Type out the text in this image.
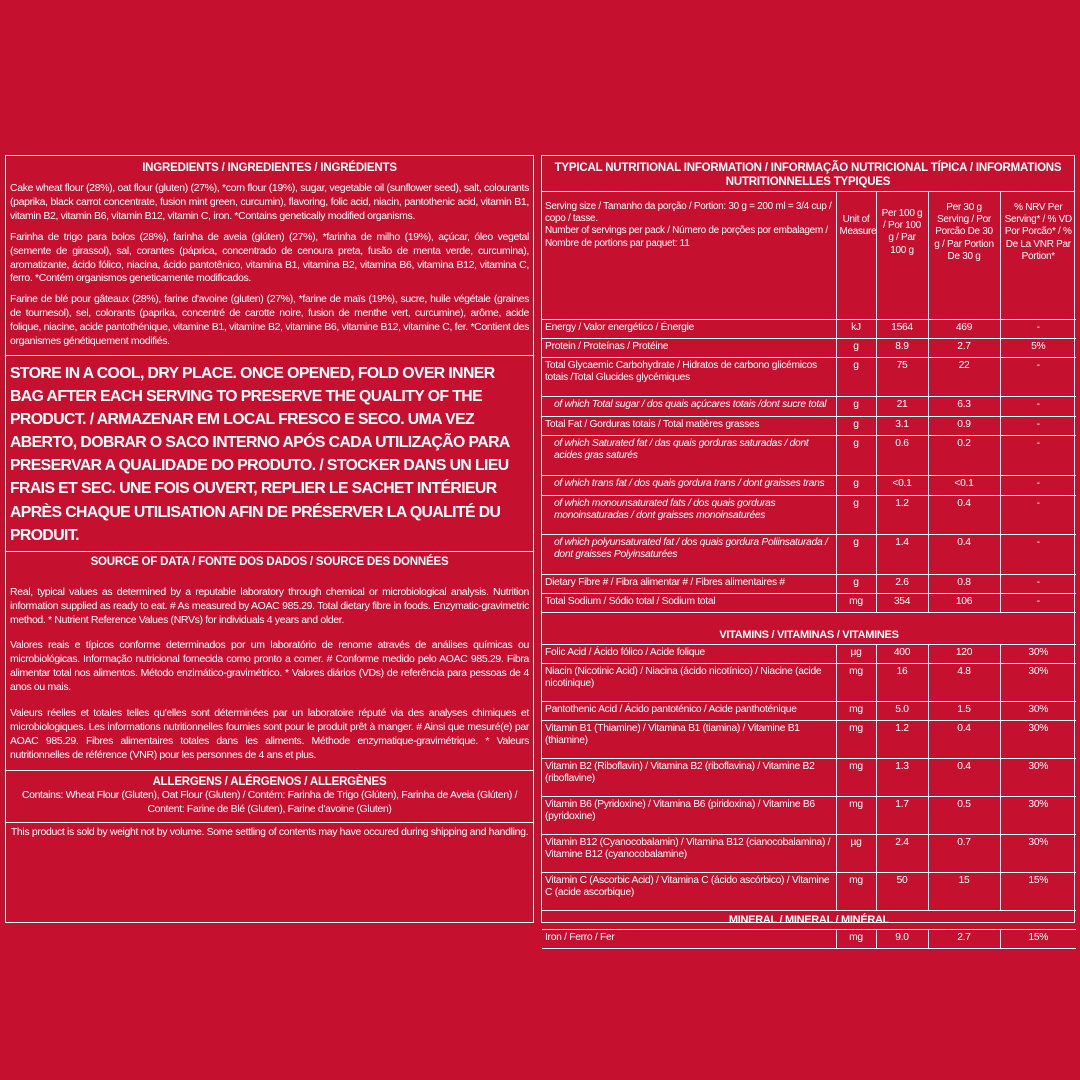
INGREDIENTS / INGREDIENTES / INGRÉDIENTS
Cake wheat flour (28%), oat flour (gluten) (27%), *corn flour (19%), sugar, vegetable oil (sunflower seed), salt, colourants (paprika, black carrot concentrate, fusion mint green, curcumin), flavoring, folic acid, niacin, pantothenic acid, vitamin B1, vitamin B2, vitamin B6, vitamin B12, vitamin C, iron. *Contains genetically modified organisms.
Farinha de trigo para bolos (28%), farinha de aveia (glúten) (27%), *farinha de milho (19%), açúcar, óleo vegetal (semente de girassol), sal, corantes (páprica, concentrado de cenoura preta, fusão de menta verde, curcumina), aromatizante, ácido fólico, niacina, ácido pantotênico, vitamina B1, vitamina B2, vitamina B6, vitamina B12, vitamina C, ferro. *Contém organismos geneticamente modificados.
Farine de blé pour gâteaux (28%), farine d'avoine (gluten) (27%), *farine de maïs (19%), sucre, huile végétale (graines de tournesol), sel, colorants (paprika, concentré de carotte noire, fusion de menthe vert, curcumine), arôme, acide folique, niacine, acide pantothénique, vitamine B1, vitamine B2, vitamine B6, vitamine B12, vitamine C, fer. *Contient des organismes génétiquement modifiés.
STORE IN A COOL, DRY PLACE. ONCE OPENED, FOLD OVER INNER BAG AFTER EACH SERVING TO PRESERVE THE QUALITY OF THE PRODUCT. / ARMAZENAR EM LOCAL FRESCO E SECO. UMA VEZ ABERTO, DOBRAR O SACO INTERNO APÓS CADA UTILIZAÇÃO PARA PRESERVAR A QUALIDADE DO PRODUTO. / STOCKER DANS UN LIEU FRAIS ET SEC. UNE FOIS OUVERT, REPLIER LE SACHET INTÉRIEUR APRÈS CHAQUE UTILISATION AFIN DE PRÉSERVER LA QUALITÉ DU PRODUIT.
SOURCE OF DATA / FONTE DOS DADOS / SOURCE DES DONNÉES
Real, typical values as determined by a reputable laboratory through chemical or microbiological analysis. Nutrition information supplied as ready to eat. # As measured by AOAC 985.29. Total dietary fibre in foods. Enzymatic-gravimetric method. * Nutrient Reference Values (NRVs) for individuals 4 years and older.
Valores reais e típicos conforme determinados por um laboratório de renome através de análises químicas ou microbiológicas. Informação nutricional fornecida como pronto a comer. # Conforme medido pelo AOAC 985.29. Fibra alimentar total nos alimentos. Método enzimático-gravimétrico. * Valores diários (VDs) de referência para pessoas de 4 anos ou mais.
Valeurs réelles et totales telles qu'elles sont déterminées par un laboratoire réputé via des analyses chimiques et microbiologiques. Les informations nutritionnelles fournies sont pour le produit prêt à manger. # Ainsi que mesuré(e) par AOAC 985.29. Fibres alimentaires totales dans les aliments. Méthode enzymatique-gravimétrique. * Valeurs nutritionnelles de référence (VNR) pour les personnes de 4 ans et plus.
ALLERGENS / ALÉRGENOS / ALLERGÈNES
Contains: Wheat Flour (Gluten), Oat Flour (Gluten) / Contém: Farinha de Trigo (Glúten), Farinha de Aveia (Glúten) /
Content: Farine de Blé (Gluten), Farine d'avoine (Gluten)
This product is sold by weight not by volume. Some settling of contents may have occured during shipping and handling.
TYPICAL NUTRITIONAL INFORMATION / INFORMAÇÃO NUTRICIONAL TÍPICA / INFORMATIONS
NUTRITIONNELLES TYPIQUES
Serving size / Tamanho da porção / Portion: 30 g = 200 ml = 3/4 cup / copo / tasse.
Number of servings per pack / Número de porções por embalagem / Nombre de portions par paquet: 11	Unit of Measure	Per 100 g / Por 100 g / Par 100 g	Per 30 g Serving / Por Porcão De 30 g / Par Portion De 30 g	% NRV Per Serving* / % VD Por Porcão* / % De La VNR Par Portion*
Energy / Valor energético / Énergie	kJ	1564	469	-
Protein / Proteínas / Protéine	g	8.9	2.7	5%
Total Glycaemic Carbohydrate / Hidratos de carbono glicémicos totais /Total Glucides glycémiques	g	75	22	-
of which Total sugar / dos quais açúcares totais /dont sucre total	g	21	6.3	-
Total Fat / Gorduras totais / Total matières grasses	g	3.1	0.9	-
of which Saturated fat / das quais gorduras saturadas / dont acides gras saturés	g	0.6	0.2	-
of which trans fat / dos quais gordura trans / dont graisses trans	g	<0.1	<0.1	-
of which monounsaturated fats / dos quais gorduras monoinsaturadas / dont graisses monoinsaturées	g	1.2	0.4	-
of which polyunsaturated fat / dos quais gordura Poliinsaturada / dont graisses Polyinsaturées	g	1.4	0.4	-
Dietary Fibre # / Fibra alimentar # / Fibres alimentaires #	g	2.6	0.8	-
Total Sodium / Sódio total / Sodium total	mg	354	106	-
VITAMINS / VITAMINAS / VITAMINES				
Folic Acid / Ácido fólico / Acide folique	µg	400	120	30%
Niacin (Nicotinic Acid) / Niacina (ácido nicotínico) / Niacine (acide nicotinique)	mg	16	4.8	30%
Pantothenic Acid / Ácido pantoténico / Acide panthoténique	mg	5.0	1.5	30%
Vitamin B1 (Thiamine) / Vitamina B1 (tiamina) / Vitamine B1 (thiamine)	mg	1.2	0.4	30%
Vitamin B2 (Riboflavin) / Vitamina B2 (riboflavina) / Vitamine B2 (riboflavine)	mg	1.3	0.4	30%
Vitamin B6 (Pyridoxine) / Vitamina B6 (piridoxina) / Vitamine B6 (pyridoxine)	mg	1.7	0.5	30%
Vitamin B12 (Cyanocobalamin) / Vitamina B12 (cianocobalamina) / Vitamine B12 (cyanocobalamine)	µg	2.4	0.7	30%
Vitamin C (Ascorbic Acid) / Vitamina C (ácido ascórbico) / Vitamine C (acide ascorbique)	mg	50	15	15%
MINERAL / MINERAL / MINÉRAL				
Iron / Ferro / Fer	mg	9.0	2.7	15%
